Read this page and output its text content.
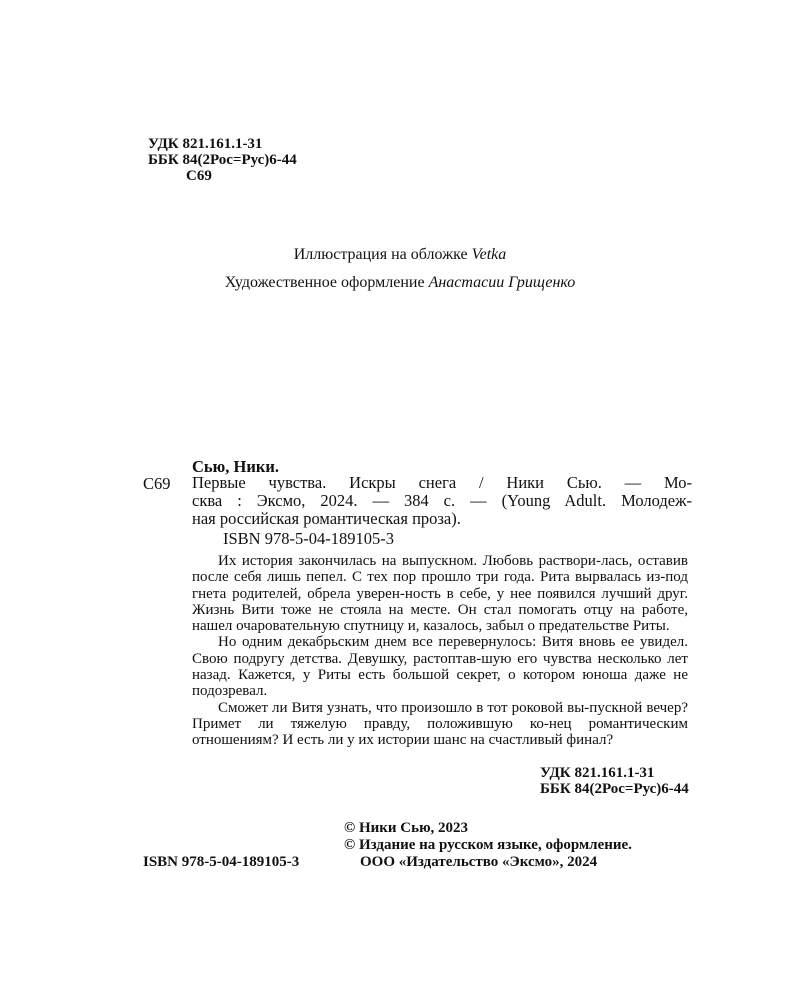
УДК 821.161.1-31
ББК 84(2Рос=Рус)6-44
С69
Иллюстрация на обложке Vetka
Художественное оформление Анастасии Грищенко
Сью, Ники.
С69 Первые чувства. Искры снега / Ники Сью. — Мо-
сква : Эксмо, 2024. — 384 с. — (Young Adult. Молодеж-
ная российская романтическая проза).
ISBN 978-5-04-189105-3

Их история закончилась на выпускном. Любовь раствори-лась, оставив после себя лишь пепел. С тех пор прошло три года. Рита вырвалась из-под гнета родителей, обрела уверен-ность в себе, у нее появился лучший друг. Жизнь Вити тоже не стояла на месте. Он стал помогать отцу на работе, нашел очаровательную спутницу и, казалось, забыл о предательстве Риты.

Но одним декабрьским днем все перевернулось: Витя вновь ее увидел. Свою подругу детства. Девушку, растоптав-шую его чувства несколько лет назад. Кажется, у Риты есть большой секрет, о котором юноша даже не подозревал.

Сможет ли Витя узнать, что произошло в тот роковой вы-пускной вечер? Примет ли тяжелую правду, положившую ко-нец романтическим отношениям? И есть ли у их истории шанс на счастливый финал?

УДК 821.161.1-31
ББК 84(2Рос=Рус)6-44
© Ники Сью, 2023
© Издание на русском языке, оформление.
ООО «Издательство «Эксмо», 2024
ISBN 978-5-04-189105-3
